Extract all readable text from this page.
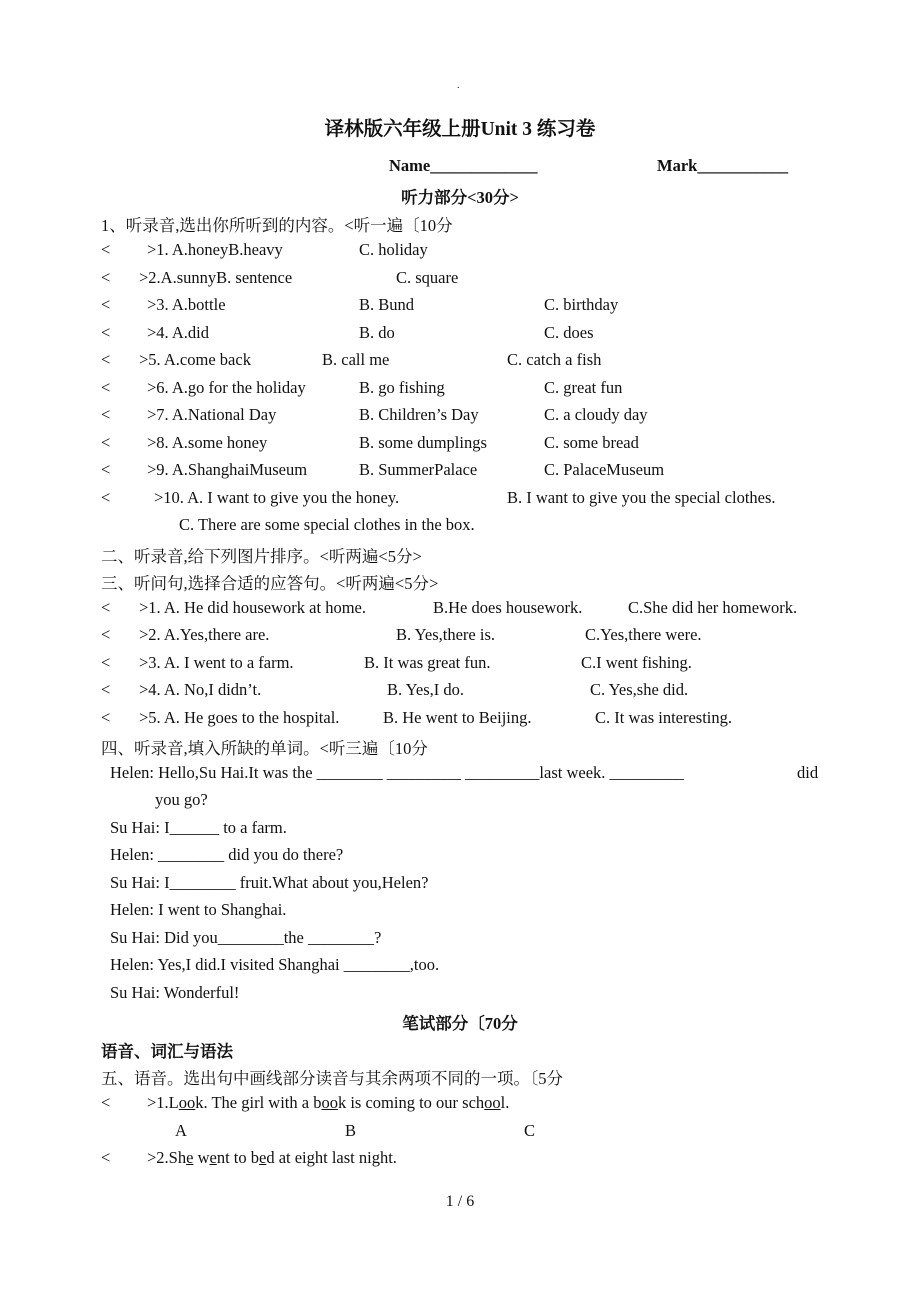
.
译林版六年级上册Unit 3 练习卷
Name_____________	Mark___________
听力部分<30分>
1、听录音,选出你所听到的内容。<听一遍〔10分
< >1. A.honeyB.heavy	C. holiday
< >2.A.sunnyB. sentence	C. square
< >3. A.bottle	B. Bund	C. birthday
< >4. A.did	B. do	C. does
< >5. A.come back	B. call me	C. catch a fish
< >6. A.go for the holiday	B. go fishing	C. great fun
< >7. A.National Day	B. Children’s Day	C. a cloudy day
< >8. A.some honey	B. some dumplings	C. some bread
< >9. A.ShanghaiMuseum	B. SummerPalace	C. PalaceMuseum
<	>10. A. I want to give you the honey.	B. I want to give you the special clothes.
C. There are some special clothes in the box.
二、听录音,给下列图片排序。<听两遍<5分>
三、听问句,选择合适的应答句。<听两遍<5分>
< >1. A. He did housework at home.	B.He does housework.	C.She did her homework.
< >2. A.Yes,there are.	B. Yes,there is.	C.Yes,there were.
< >3. A. I went to a farm.	B. It was great fun.	C.I went fishing.
< >4. A. No,I didn’t.	B. Yes,I do.	C. Yes,she did.
< >5. A. He goes to the hospital.	B. He went to Beijing.	C. It was interesting.
四、听录音,填入所缺的单词。<听三遍〔10分
Helen: Hello,Su Hai.It was the ________ _________ _________last week. _________	did
you go?
Su Hai: I______ to a farm.
Helen: ________ did you do there?
Su Hai: I________ fruit.What about you,Helen?
Helen: I went to Shanghai.
Su Hai: Did you________the ________?
Helen: Yes,I did.I visited Shanghai ________,too.
Su Hai: Wonderful!
笔试部分〔70分
语音、词汇与语法
五、语音。选出句中画线部分读音与其余两项不同的一项。〔5分
< >1.Look. The girl with a book is coming to our school.
A	B	C
< >2.She went to bed at eight last night.
1 / 6
